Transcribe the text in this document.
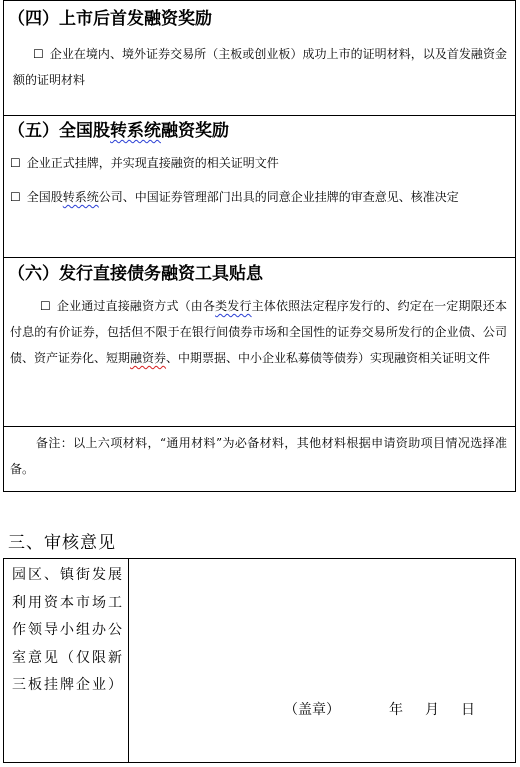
（四）上市后首发融资奖励
☐ 企业在境内、境外证券交易所（主板或创业板）成功上市的证明材料，以及首发融资金额的证明材料
（五）全国股转系统融资奖励
☐ 企业正式挂牌，并实现直接融资的相关证明文件
☐ 全国股转系统公司、中国证券管理部门出具的同意企业挂牌的审查意见、核准决定
（六）发行直接债务融资工具贴息
☐ 企业通过直接融资方式（由各类发行主体依照法定程序发行的、约定在一定期限还本付息的有价证券，包括但不限于在银行间债券市场和全国性的证券交易所发行的企业债、公司债、资产证券化、短期融资券、中期票据、中小企业私募债等债券）实现融资相关证明文件
备注：以上六项材料，“通用材料”为必备材料，其他材料根据申请资助项目情况选择准备。
三、审核意见
园区、镇街发展利用资本市场工作领导小组办公室意见（仅限新三板挂牌企业）
（盖章）	年 月 日
